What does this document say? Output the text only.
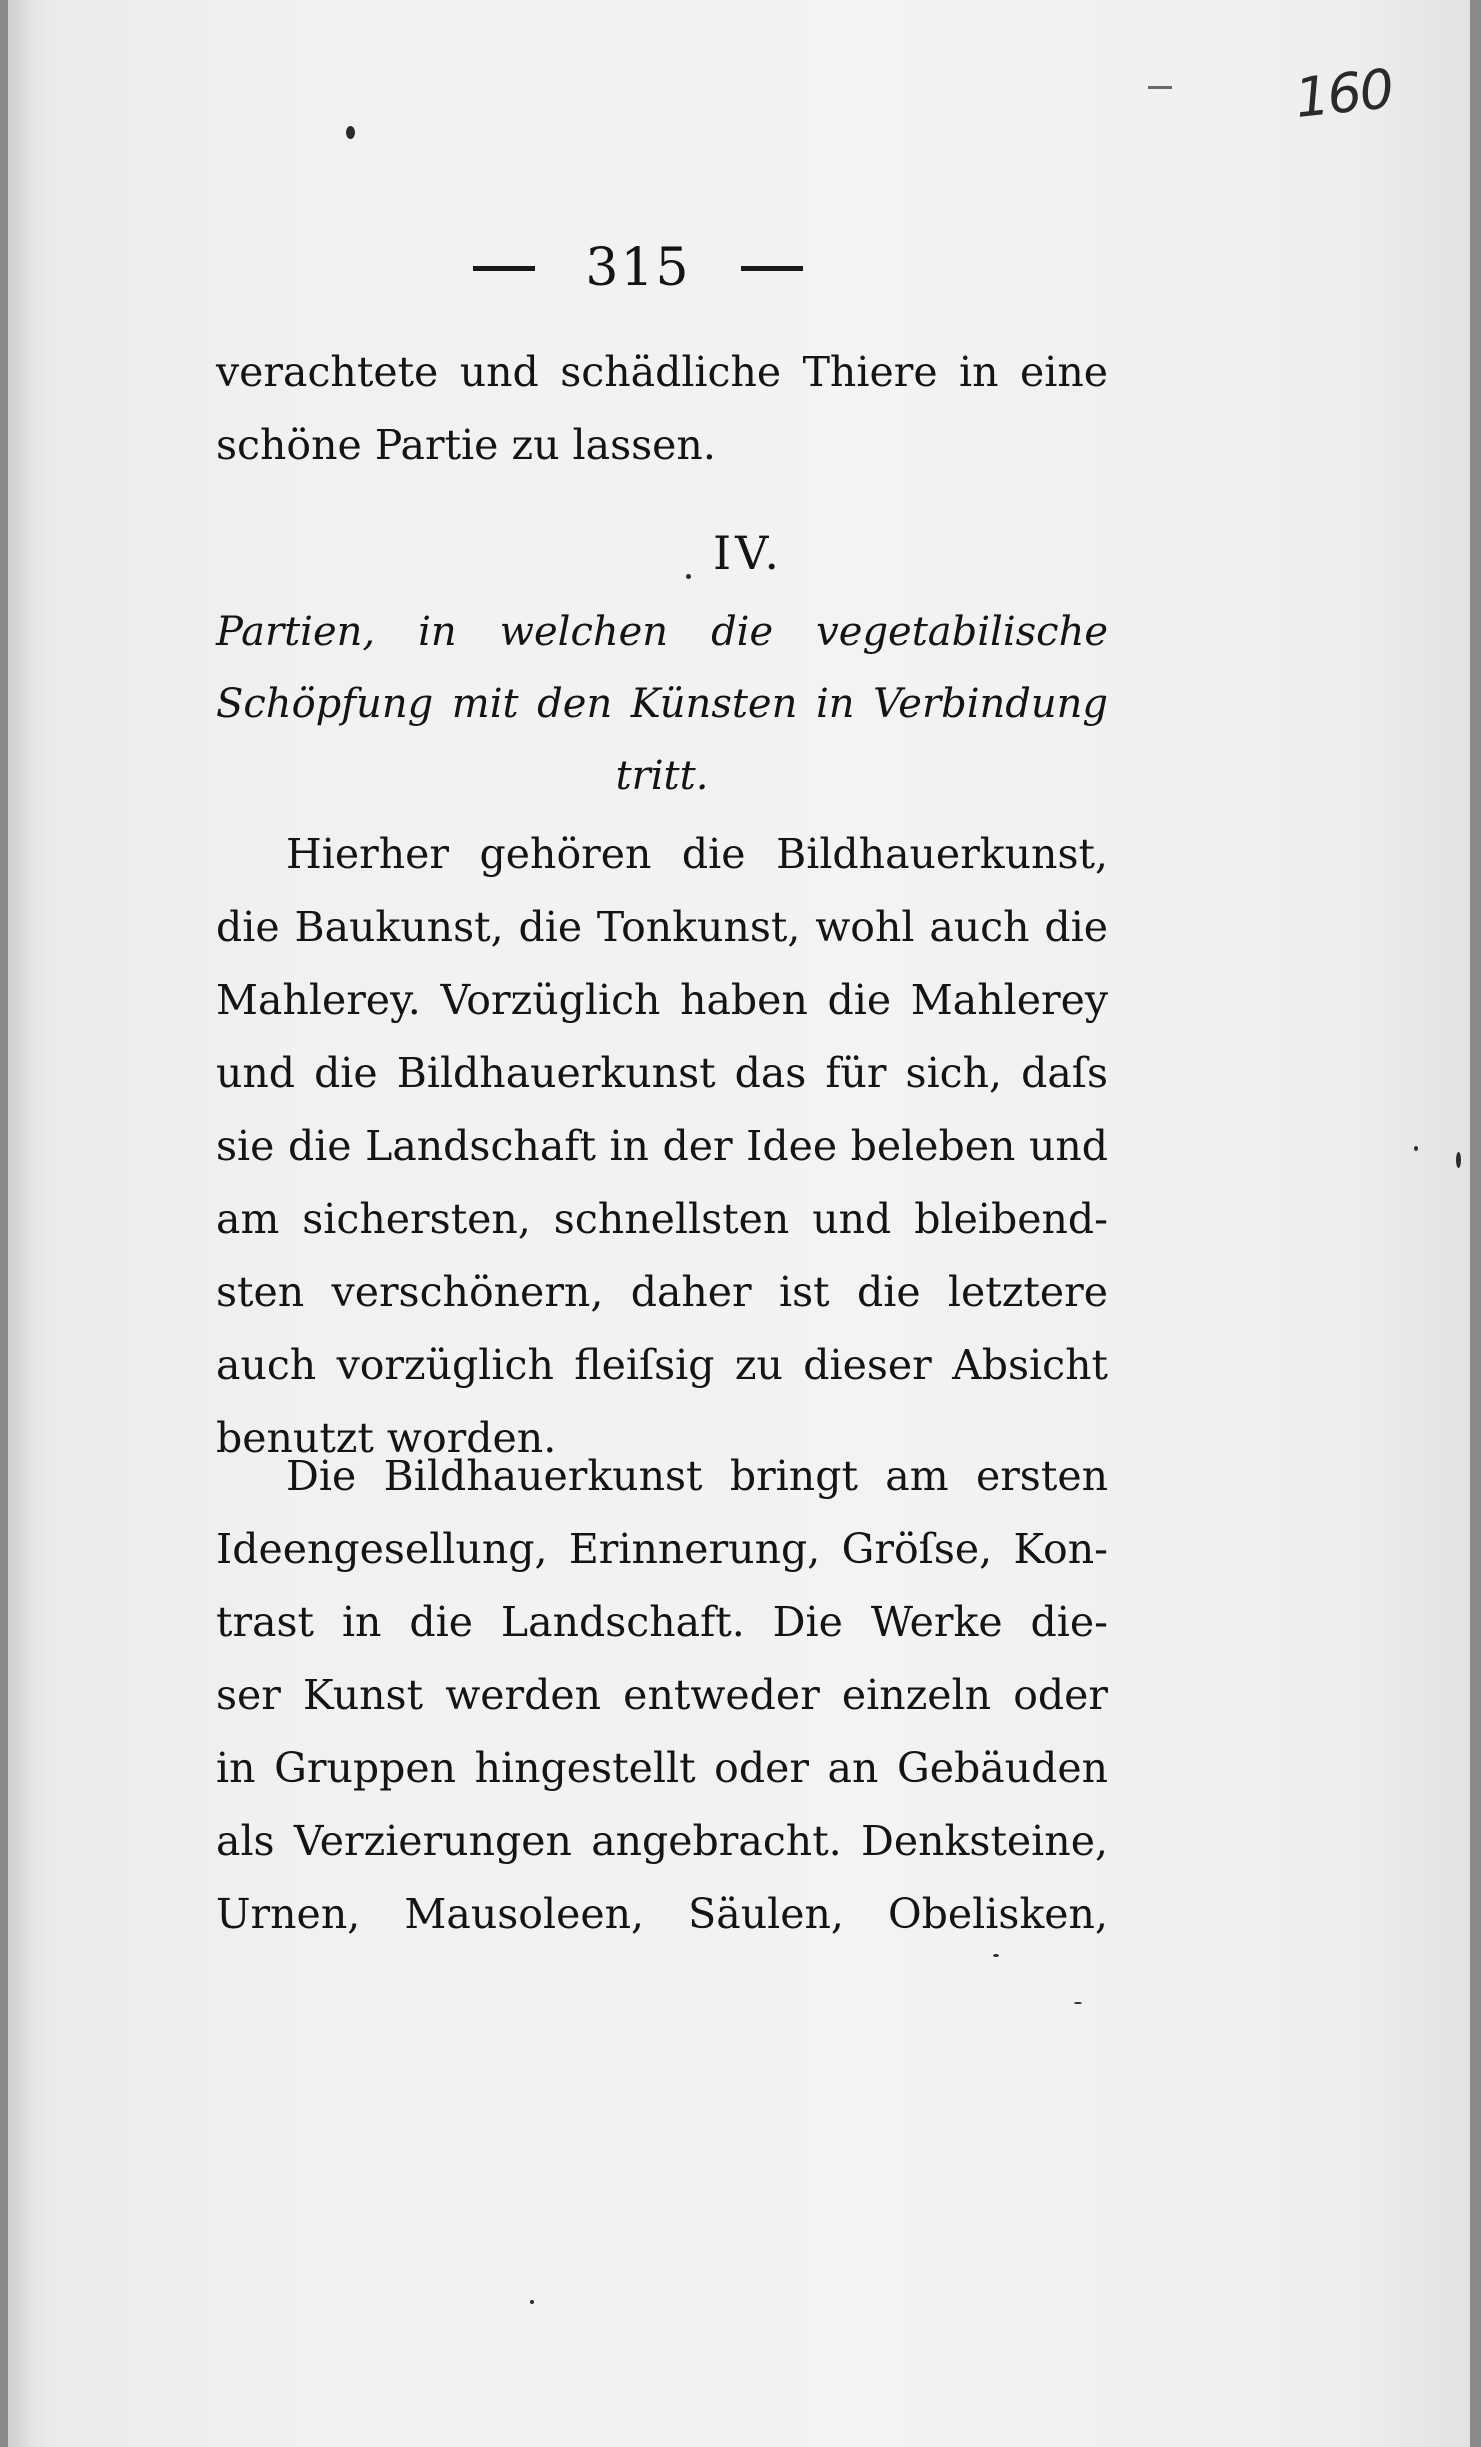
160
315
verachtete und schädliche Thiere in eine
schöne Partie zu lassen.
IV.
Partien, in welchen die vegetabilische
Schöpfung mit den Künsten in Verbindung
tritt.
Hierher gehören die Bildhauerkunst,
die Baukunst, die Tonkunst, wohl auch die
Mahlerey. Vorzüglich haben die Mahlerey
und die Bildhauerkunst das für sich, daſs
sie die Landschaft in der Idee beleben und
am sichersten, schnellsten und bleibend-
sten verschönern, daher ist die letztere
auch vorzüglich fleiſsig zu dieser Absicht
benutzt worden.
Die Bildhauerkunst bringt am ersten
Ideengesellung, Erinnerung, Gröſse, Kon-
trast in die Landschaft. Die Werke die-
ser Kunst werden entweder einzeln oder
in Gruppen hingestellt oder an Gebäuden
als Verzierungen angebracht. Denksteine,
Urnen, Mausoleen, Säulen, Obelisken,
